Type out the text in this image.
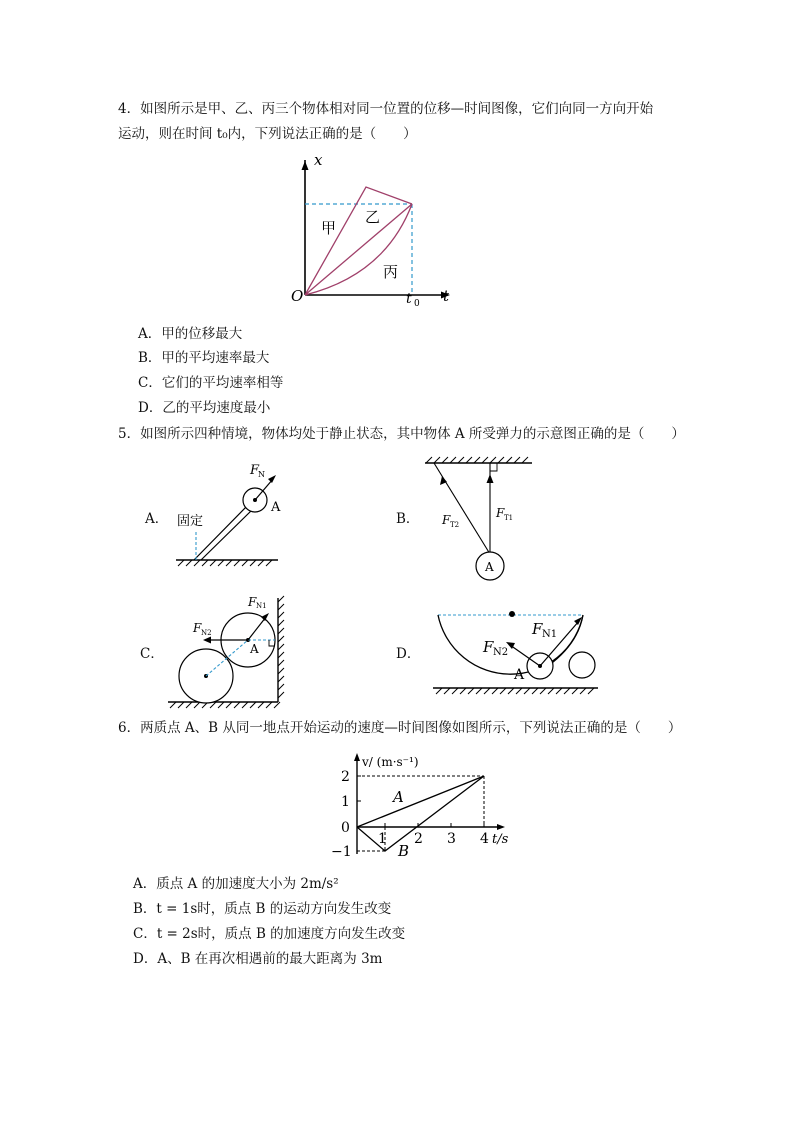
4．如图所示是甲、乙、丙三个物体相对同一位置的位移—时间图像，它们向同一方向开始
运动，则在时间 t₀内，下列说法正确的是（　　）
x
t
O	t 0
甲
乙
丙
A．甲的位移最大
B．甲的平均速率最大
C．它们的平均速率相等
D．乙的平均速度最小
5．如图所示四种情境，物体均处于静止状态，其中物体 A 所受弹力的示意图正确的是（　　）
A．
F
N
A
固定	B．
A
F T2
F T1
C．
F N1
F N2
A	D．
F N1
F N2
A
6．两质点 A、B 从同一地点开始运动的速度—时间图像如图所示，下列说法正确的是（　　）
v/ (m·s⁻¹)
t/s
2
1
0
−1
1 2 3 4
A
B
A．质点 A 的加速度大小为 2m/s²
B．t = 1s时，质点 B 的运动方向发生改变
C．t = 2s时，质点 B 的加速度方向发生改变
D．A、B 在再次相遇前的最大距离为 3m
